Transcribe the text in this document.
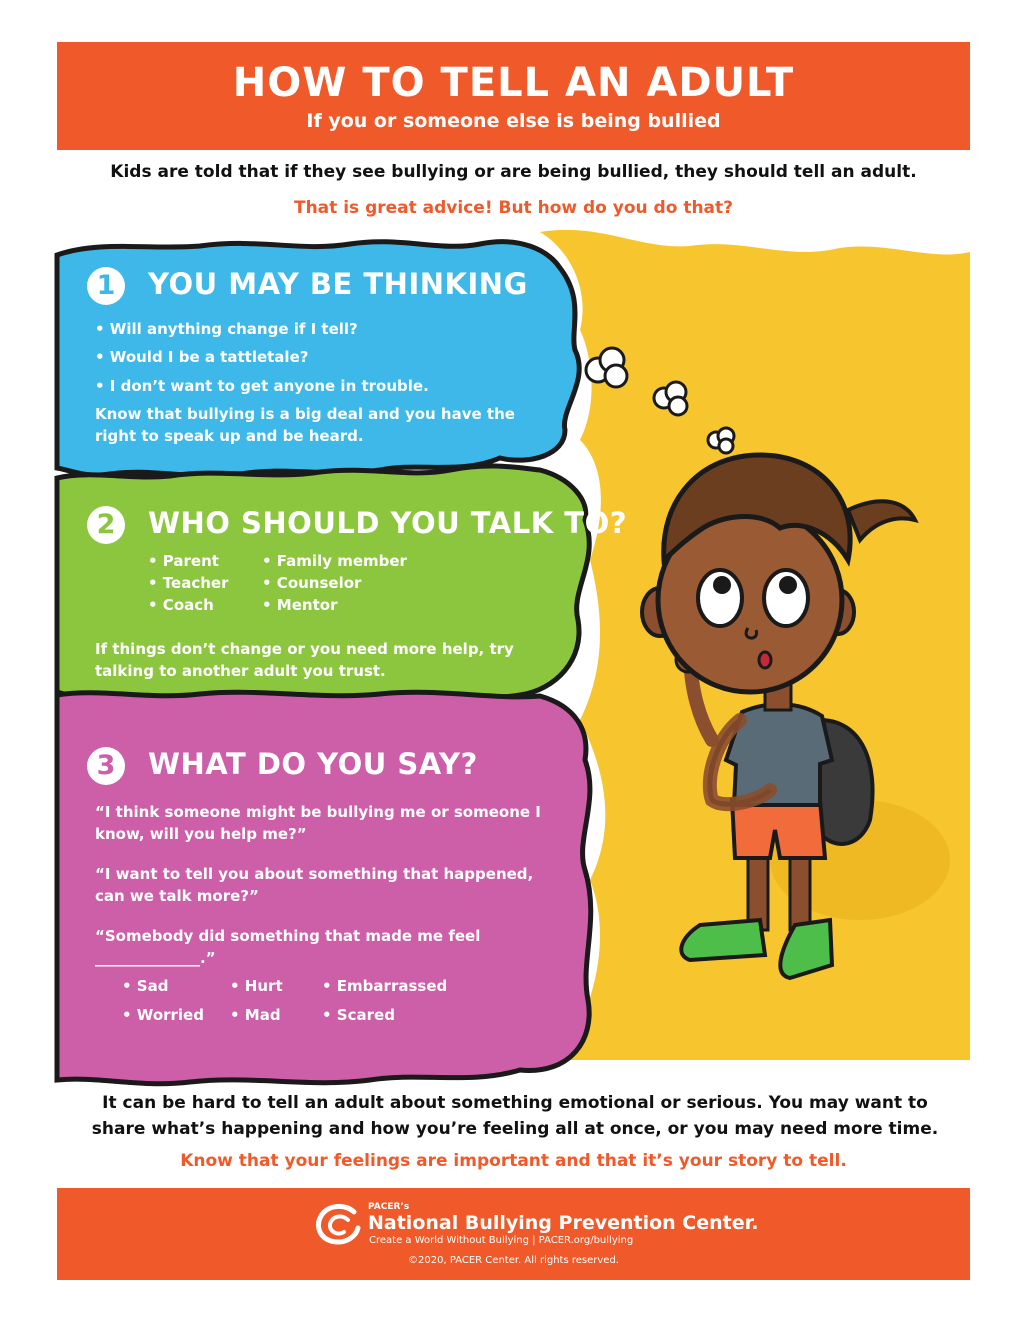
HOW TO TELL AN ADULT
If you or someone else is being bullied
Kids are told that if they see bullying or are being bullied, they should tell an adult.
That is great advice! But how do you do that?
1	YOU MAY BE THINKING
• Will anything change if I tell?
• Would I be a tattletale?
• I don’t want to get anyone in trouble.
Know that bullying is a big deal and you have the
right to speak up and be heard.
2	WHO SHOULD YOU TALK TO?
• Parent
• Teacher
• Coach
• Family member
• Counselor
• Mentor
If things don’t change or you need more help, try
talking to another adult you trust.
3	WHAT DO YOU SAY?
“I think someone might be bullying me or someone I
know, will you help me?”
“I want to tell you about something that happened,
can we talk more?”
“Somebody did something that made me feel
______________.”
• Sad
• Worried
• Hurt
• Mad
• Embarrassed
• Scared
It can be hard to tell an adult about something emotional or serious. You may want to
share what’s happening and how you’re feeling all at once, or you may need more time.
Know that your feelings are important and that it’s your story to tell.
PACER’s
National Bullying Prevention Center.
Create a World Without Bullying | PACER.org/bullying
©2020, PACER Center. All rights reserved.
